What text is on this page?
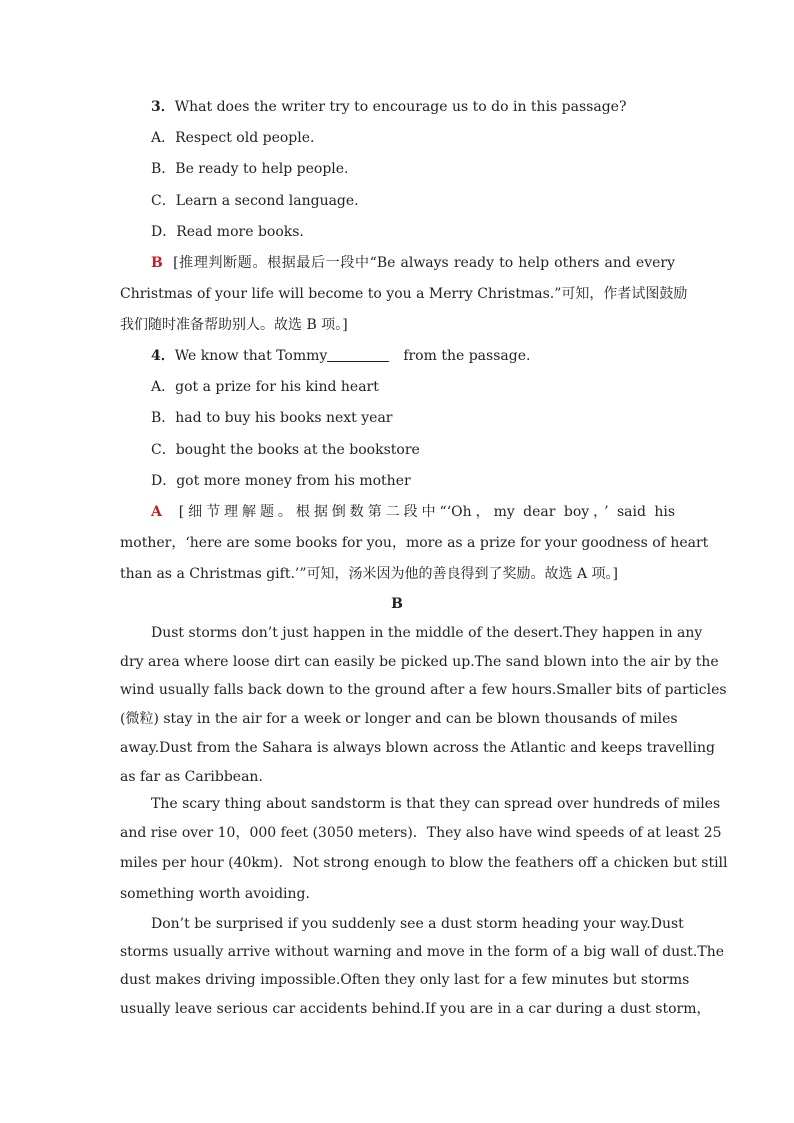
3．What does the writer try to encourage us to do in this passage?
A．Respect old people.
B．Be ready to help people.
C．Learn a second language.
D．Read more books.
B [推理判断题。根据最后一段中“Be always ready to help others and every
Christmas of your life will become to you a Merry Christmas.”可知，作者试图鼓励
我们随时准备帮助别人。故选 B 项。]
4．We know that Tommy	from the passage.
A．got a prize for his kind heart
B．had to buy his books next year
C．bought the books at the bookstore
D．got more money from his mother
A [细节理解题。根据倒数第二段中“‘Oh，my dear boy，’ said his
mother，‘here are some books for you，more as a prize for your goodness of heart
than as a Christmas gift.’”可知，汤米因为他的善良得到了奖励。故选 A 项。]
B
Dust storms don’t just happen in the middle of the desert.They happen in any
dry area where loose dirt can easily be picked up.The sand blown into the air by the
wind usually falls back down to the ground after a few hours.Smaller bits of particles
(微粒) stay in the air for a week or longer and can be blown thousands of miles
away.Dust from the Sahara is always blown across the Atlantic and keeps travelling
as far as Caribbean.
The scary thing about sandstorm is that they can spread over hundreds of miles
and rise over 10，000 feet (3050 meters)．They also have wind speeds of at least 25
miles per hour (40km)．Not strong enough to blow the feathers off a chicken but still
something worth avoiding.
Don’t be surprised if you suddenly see a dust storm heading your way.Dust
storms usually arrive without warning and move in the form of a big wall of dust.The
dust makes driving impossible.Often they only last for a few minutes but storms
usually leave serious car accidents behind.If you are in a car during a dust storm，
